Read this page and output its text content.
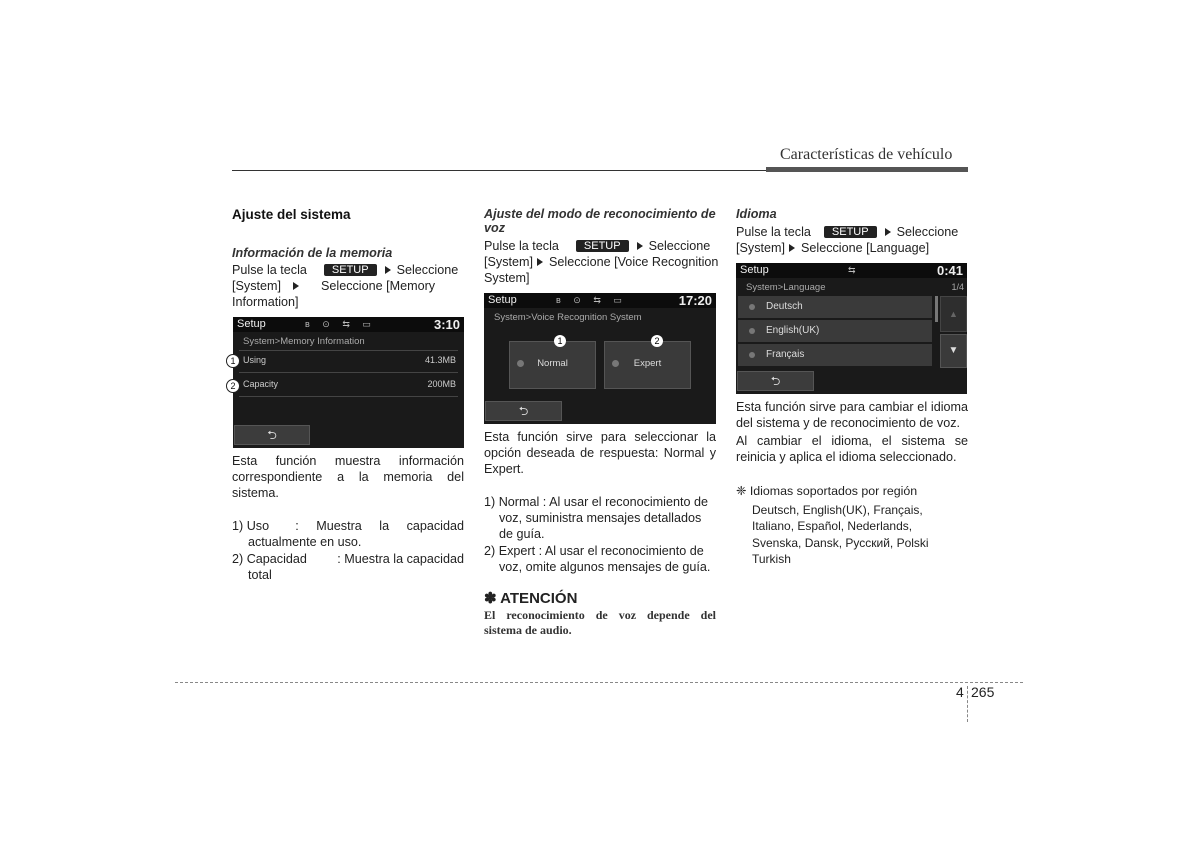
Características de vehículo
Ajuste del sistema
Información de la memoria
Pulse la tecla SETUP Seleccione
[System]	Seleccione [Memory
Information]
Setup	ʙ ⊙ ⇆ ▭	3:10
System>Memory Information
Using	41.3MB
Capacity	200MB
⮌
1
2
Esta función muestra información correspondiente a la memoria del sistema.
1) Uso : Muestra la capacidad
actualmente en uso.
2) Capacidad : Muestra la capacidad
total
Ajuste del modo de reconocimiento de voz
Pulse la tecla SETUP Seleccione
[System] Seleccione [Voice Recognition
System]
Setup	ʙ ⊙ ⇆ ▭	17:20
System>Voice Recognition System
Normal	Expert
⮌
1	2
Esta función sirve para seleccionar la opción deseada de respuesta: Normal y Expert.
1) Normal : Al usar el reconocimiento de
voz, suministra mensajes detallados
de guía.
2) Expert : Al usar el reconocimiento de
voz, omite algunos mensajes de guía.
✽ ATENCIÓN
El reconocimiento de voz depende del sistema de audio.
Idioma
Pulse la tecla SETUP Seleccione
[System] Seleccione [Language]
Setup	⇆	0:41
System>Language	1/4
Deutsch
English(UK)
Français
▲
▼
⮌
Esta función sirve para cambiar el idioma del sistema y de reconocimiento de voz.
Al cambiar el idioma, el sistema se reinicia y aplica el idioma seleccionado.
❈ Idiomas soportados por región
Deutsch, English(UK), Français,
Italiano, Español, Nederlands,
Svenska, Dansk, Русский, Polski
Turkish
4 265
